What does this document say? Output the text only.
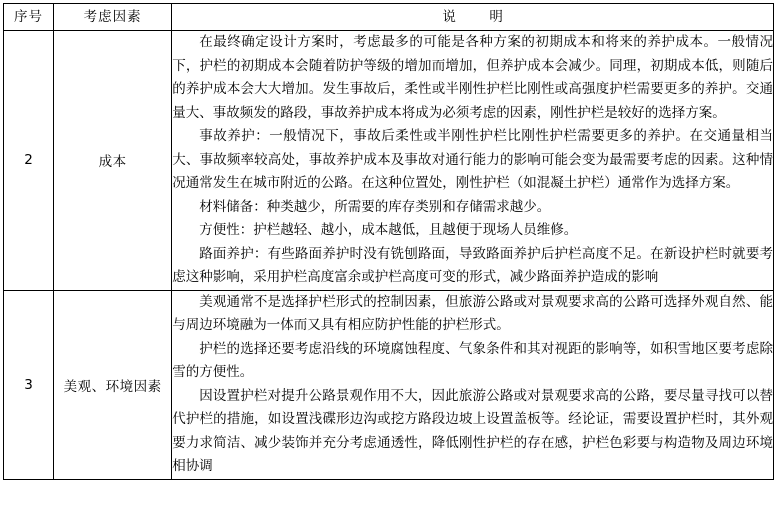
序号	考虑因素	说　明
2	成本	在最终确定设计方案时，考虑最多的可能是各种方案的初期成本和将来的养护成本。一般情况下，护栏的初期成本会随着防护等级的增加而增加，但养护成本会减少。同理，初期成本低，则随后的养护成本会大大增加。发生事故后，柔性或半刚性护栏比刚性或高强度护栏需要更多的养护。交通量大、事故频发的路段，事故养护成本将成为必须考虑的因素，刚性护栏是较好的选择方案。

事故养护：一般情况下，事故后柔性或半刚性护栏比刚性护栏需要更多的养护。在交通量相当大、事故频率较高处，事故养护成本及事故对通行能力的影响可能会变为最需要考虑的因素。这种情况通常发生在城市附近的公路。在这种位置处，刚性护栏（如混凝土护栏）通常作为选择方案。

材料储备：种类越少，所需要的库存类别和存储需求越少。

方便性：护栏越轻、越小，成本越低，且越便于现场人员维修。

路面养护：有些路面养护时没有铣刨路面，导致路面养护后护栏高度不足。在新设护栏时就要考虑这种影响，采用护栏高度富余或护栏高度可变的形式，减少路面养护造成的影响

3	美观、环境因素	美观通常不是选择护栏形式的控制因素，但旅游公路或对景观要求高的公路可选择外观自然、能与周边环境融为一体而又具有相应防护性能的护栏形式。

护栏的选择还要考虑沿线的环境腐蚀程度、气象条件和其对视距的影响等，如积雪地区要考虑除雪的方便性。

因设置护栏对提升公路景观作用不大，因此旅游公路或对景观要求高的公路，要尽量寻找可以替代护栏的措施，如设置浅碟形边沟或挖方路段边坡上设置盖板等。经论证，需要设置护栏时，其外观要力求简洁、减少装饰并充分考虑通透性，降低刚性护栏的存在感，护栏色彩要与构造物及周边环境相协调
